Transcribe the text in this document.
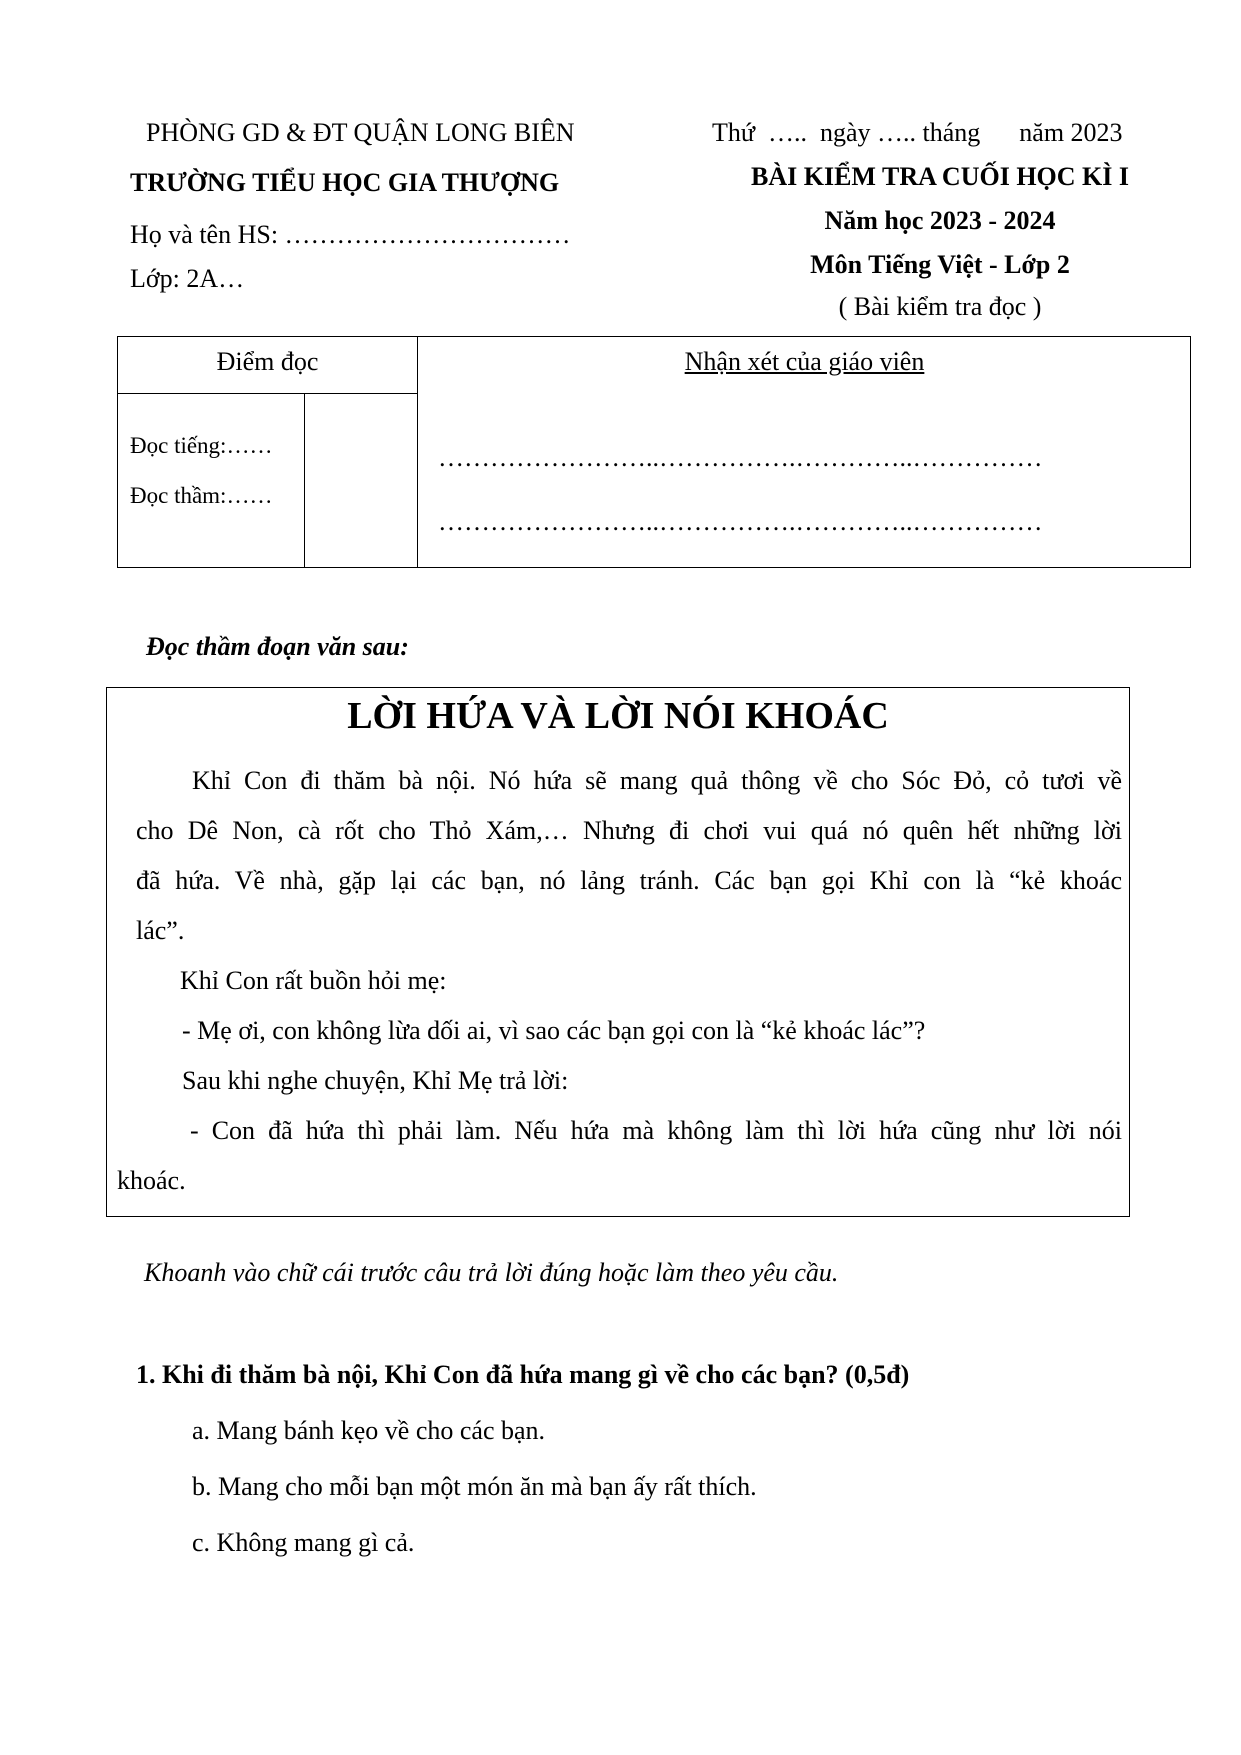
PHÒNG GD & ĐT QUẬN LONG BIÊN
TRƯỜNG TIỂU HỌC GIA THƯỢNG
Họ và tên HS: ……………………………
Lớp: 2A…
Thứ  …..  ngày ….. tháng      năm 2023
BÀI KIỂM TRA CUỐI HỌC KÌ I
Năm học 2023 - 2024
Môn Tiếng Việt - Lớp 2
( Bài kiểm tra đọc )
Điểm đọc	Nhận xét của giáo viên
Đọc tiếng:……
Đọc thầm:……
……………………..…………….…………..……………
……………………..…………….…………..……………
Đọc thầm đoạn văn sau:
LỜI HỨA VÀ LỜI NÓI KHOÁC
Khỉ Con đi thăm bà nội. Nó hứa sẽ mang quả thông về cho Sóc Đỏ, cỏ tươi về
cho Dê Non, cà rốt cho Thỏ Xám,… Nhưng đi chơi vui quá nó quên hết những lời
đã hứa. Về nhà, gặp lại các bạn, nó lảng tránh. Các bạn gọi Khỉ con là “kẻ khoác
lác”.
Khỉ Con rất buồn hỏi mẹ:
- Mẹ ơi, con không lừa dối ai, vì sao các bạn gọi con là “kẻ khoác lác”?
Sau khi nghe chuyện, Khỉ Mẹ trả lời:
- Con đã hứa thì phải làm. Nếu hứa mà không làm thì lời hứa cũng như lời nói
khoác.
Khoanh vào chữ cái trước câu trả lời đúng hoặc làm theo yêu cầu.
1. Khi đi thăm bà nội, Khỉ Con đã hứa mang gì về cho các bạn? (0,5đ)
a. Mang bánh kẹo về cho các bạn.
b. Mang cho mỗi bạn một món ăn mà bạn ấy rất thích.
c. Không mang gì cả.
